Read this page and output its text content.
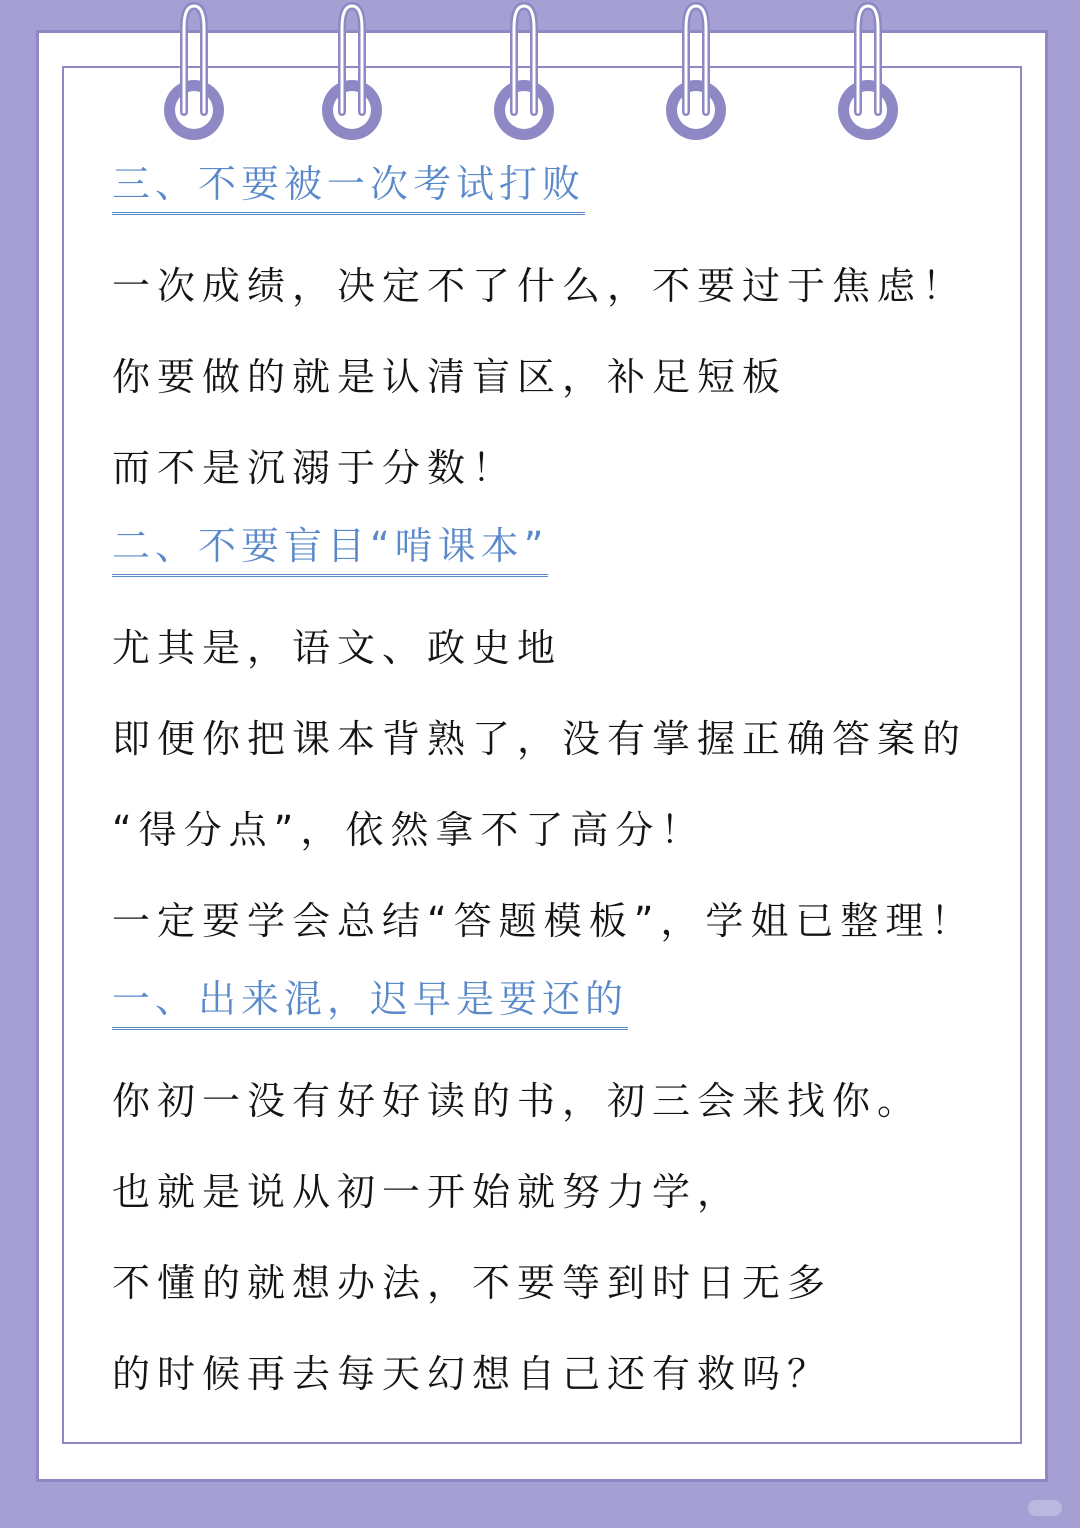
三、不要被一次考试打败
一次成绩，决定不了什么，不要过于焦虑！
你要做的就是认清盲区，补足短板
而不是沉溺于分数！
二、不要盲目“啃课本”
尤其是，语文、政史地
即便你把课本背熟了，没有掌握正确答案的
“得分点”，依然拿不了高分！
一定要学会总结“答题模板”，学姐已整理！
一、出来混，迟早是要还的
你初一没有好好读的书，初三会来找你。
也就是说从初一开始就努力学，
不懂的就想办法，不要等到时日无多
的时候再去每天幻想自己还有救吗？
